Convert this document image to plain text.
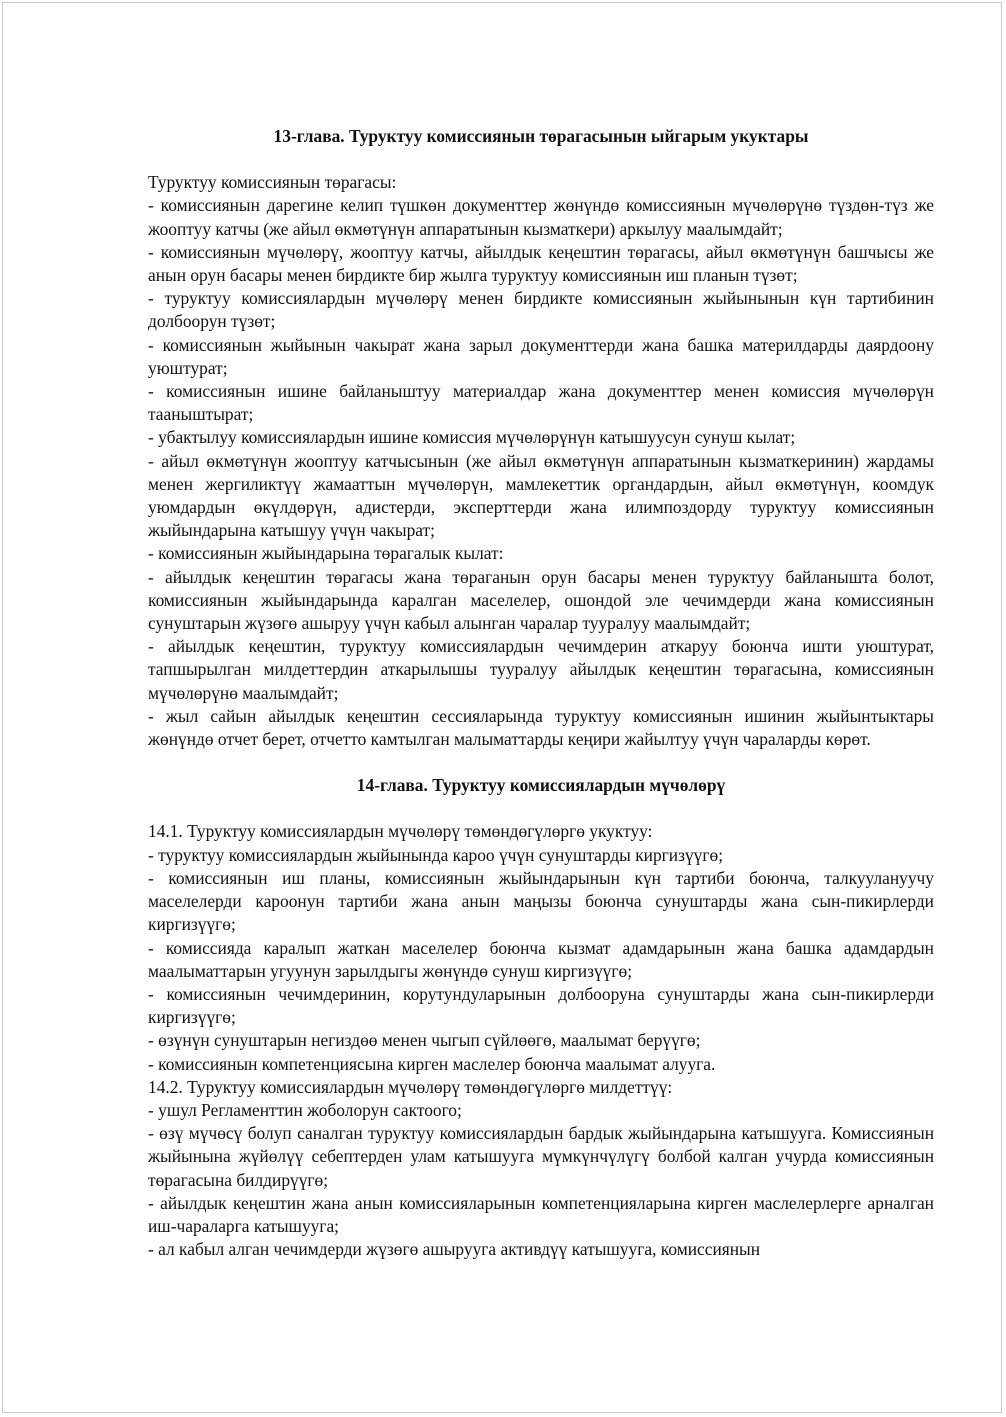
13-глава. Туруктуу комиссиянын төрагасынын ыйгарым укуктары

Туруктуу комиссиянын төрагасы:

- комиссиянын дарегине келип түшкөн документтер жөнүндө комиссиянын мүчөлөрүнө түздөн-түз же жооптуу катчы (же айыл өкмөтүнүн аппаратынын кызматкери) аркылуу маалымдайт;

- комиссиянын мүчөлөрү, жооптуу катчы, айылдык кеңештин төрагасы, айыл өкмөтүнүн башчысы же анын орун басары менен бирдикте бир жылга туруктуу комиссиянын иш планын түзөт;

- туруктуу комиссиялардын мүчөлөрү менен бирдикте комиссиянын жыйынынын күн тартибинин долбоорун түзөт;

- комиссиянын жыйынын чакырат жана зарыл документтерди жана башка материлдарды даярдоону уюштурат;

- комиссиянын ишине байланыштуу материалдар жана документтер менен комиссия мүчөлөрүн тааныштырат;

- убактылуу комиссиялардын ишине комиссия мүчөлөрүнүн катышуусун сунуш кылат;

- айыл өкмөтүнүн жооптуу катчысынын (же айыл өкмөтүнүн аппаратынын кызматкеринин) жардамы менен жергиликтүү жамааттын мүчөлөрүн, мамлекеттик органдардын, айыл өкмөтүнүн, коомдук уюмдардын өкүлдөрүн, адистерди, эксперттерди жана илимпоздорду туруктуу комиссиянын жыйындарына катышуу үчүн чакырат;

- комиссиянын жыйындарына төрагалык кылат:

- айылдык кеңештин төрагасы жана төраганын орун басары менен туруктуу байланышта болот, комиссиянын жыйындарында каралган маселелер, ошондой эле чечимдерди жана комиссиянын сунуштарын жүзөгө ашыруу үчүн кабыл алынган чаралар тууралуу маалымдайт;

- айылдык кеңештин, туруктуу комиссиялардын чечимдерин аткаруу боюнча ишти уюштурат, тапшырылган милдеттердин аткарылышы тууралуу айылдык кеңештин төрагасына, комиссиянын мүчөлөрүнө маалымдайт;

- жыл сайын айылдык кеңештин сессияларында туруктуу комиссиянын ишинин жыйынтыктары жөнүндө отчет берет, отчетто камтылган малыматтарды кеңири жайылтуу үчүн чараларды көрөт.

14-глава. Туруктуу комиссиялардын мүчөлөрү

14.1. Туруктуу комиссиялардын мүчөлөрү төмөндөгүлөргө укуктуу:

- туруктуу комиссиялардын жыйынында кароо үчүн сунуштарды киргизүүгө;

- комиссиянын иш планы, комиссиянын жыйындарынын күн тартиби боюнча, талкуулануучу маселелерди кароонун тартиби жана анын маңызы боюнча сунуштарды жана сын-пикирлерди киргизүүгө;

- комиссияда каралып жаткан маселелер боюнча кызмат адамдарынын жана башка адамдардын маалыматтарын угуунун зарылдыгы жөнүндө сунуш киргизүүгө;

- комиссиянын чечимдеринин, корутундуларынын долбооруна сунуштарды жана сын-пикирлерди киргизүүгө;

- өзүнүн сунуштарын негиздөө менен чыгып сүйлөөгө, маалымат берүүгө;

- комиссиянын компетенциясына кирген маслелер боюнча маалымат алууга.

14.2. Туруктуу комиссиялардын мүчөлөрү төмөндөгүлөргө милдеттүү:

- ушул Регламенттин жоболорун сактоого;

- өзү мүчөсү болуп саналган туруктуу комиссиялардын бардык жыйындарына катышууга. Комиссиянын жыйынына жүйөлүү себептерден улам катышууга мүмкүнчүлүгү болбой калган учурда комиссиянын төрагасына билдирүүгө;

- айылдык кеңештин жана анын комиссияларынын компетенцияларына кирген маслелерлерге арналган иш-чараларга катышууга;

- ал кабыл алган чечимдерди жүзөгө ашырууга активдүү катышууга, комиссиянын
